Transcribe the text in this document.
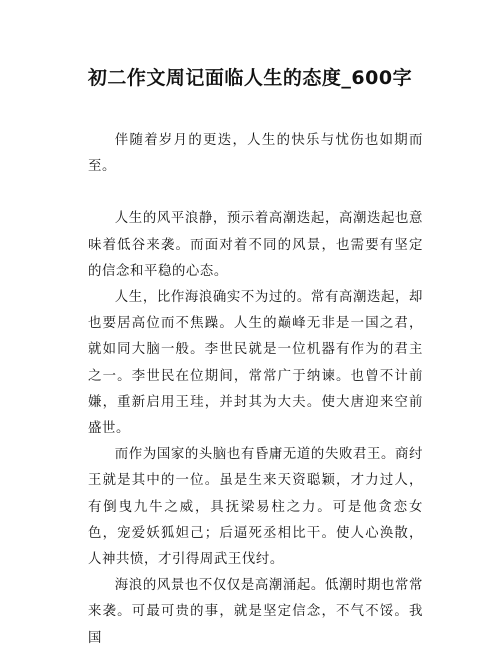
初二作文周记面临人生的态度_600字

伴随着岁月的更迭，人生的快乐与忧伤也如期而至。

人生的风平浪静，预示着高潮迭起，高潮迭起也意味着低谷来袭。而面对着不同的风景，也需要有坚定的信念和平稳的心态。

人生，比作海浪确实不为过的。常有高潮迭起，却也要居高位而不焦躁。人生的巅峰无非是一国之君，就如同大脑一般。李世民就是一位机器有作为的君主之一。李世民在位期间，常常广于纳谏。也曾不计前嫌，重新启用王珪，并封其为大夫。使大唐迎来空前盛世。

而作为国家的头脑也有昏庸无道的失败君王。商纣王就是其中的一位。虽是生来天资聪颖，才力过人，有倒曳九牛之威，具抚梁易柱之力。可是他贪恋女色，宠爱妖狐妲己；后逼死丞相比干。使人心涣散，人神共愤，才引得周武王伐纣。

海浪的风景也不仅仅是高潮涌起。低潮时期也常常来袭。可最可贵的事，就是坚定信念，不气不馁。我国
